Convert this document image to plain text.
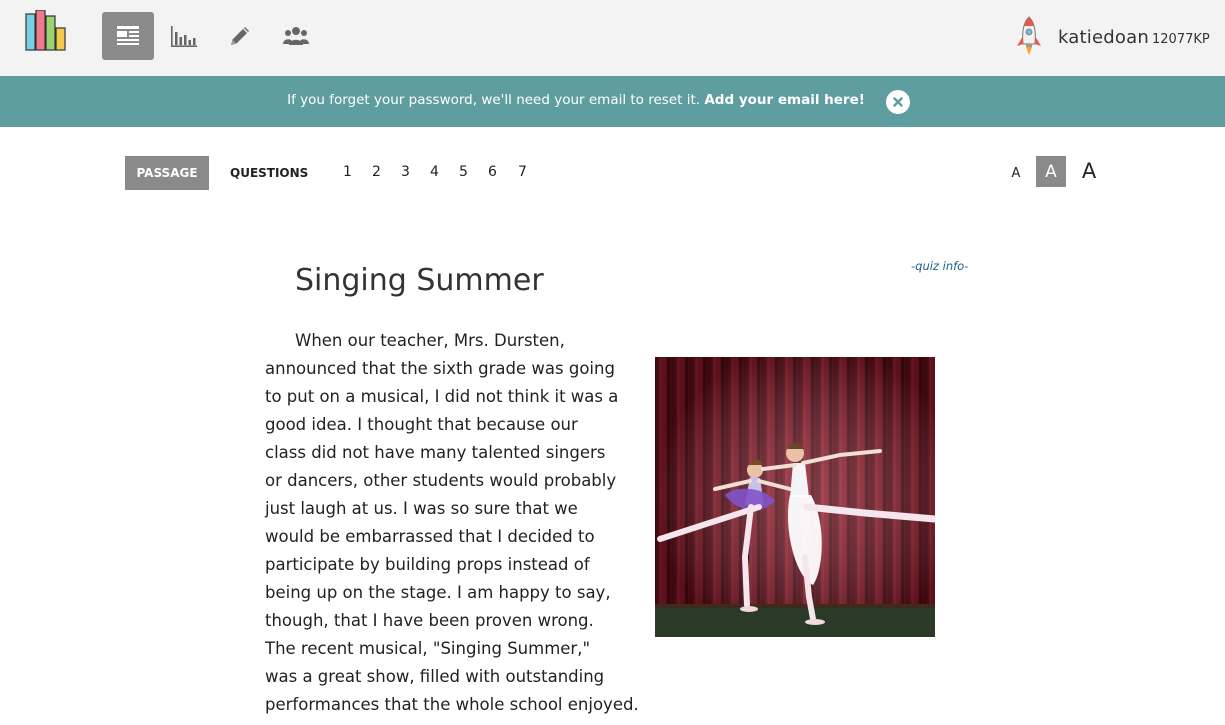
katiedoan 12077KP
If you forget your password, we'll need your email to reset it. Add your email here!
PASSAGE	QUESTIONS 1 2 3 4 5 6 7	A	A	A
Singing Summer	-quiz info-
When our teacher, Mrs. Dursten,
announced that the sixth grade was going
to put on a musical, I did not think it was a
good idea. I thought that because our
class did not have many talented singers
or dancers, other students would probably
just laugh at us. I was so sure that we
would be embarrassed that I decided to
participate by building props instead of
being up on the stage. I am happy to say,
though, that I have been proven wrong.
The recent musical, "Singing Summer,"
was a great show, filled with outstanding
performances that the whole school enjoyed.
